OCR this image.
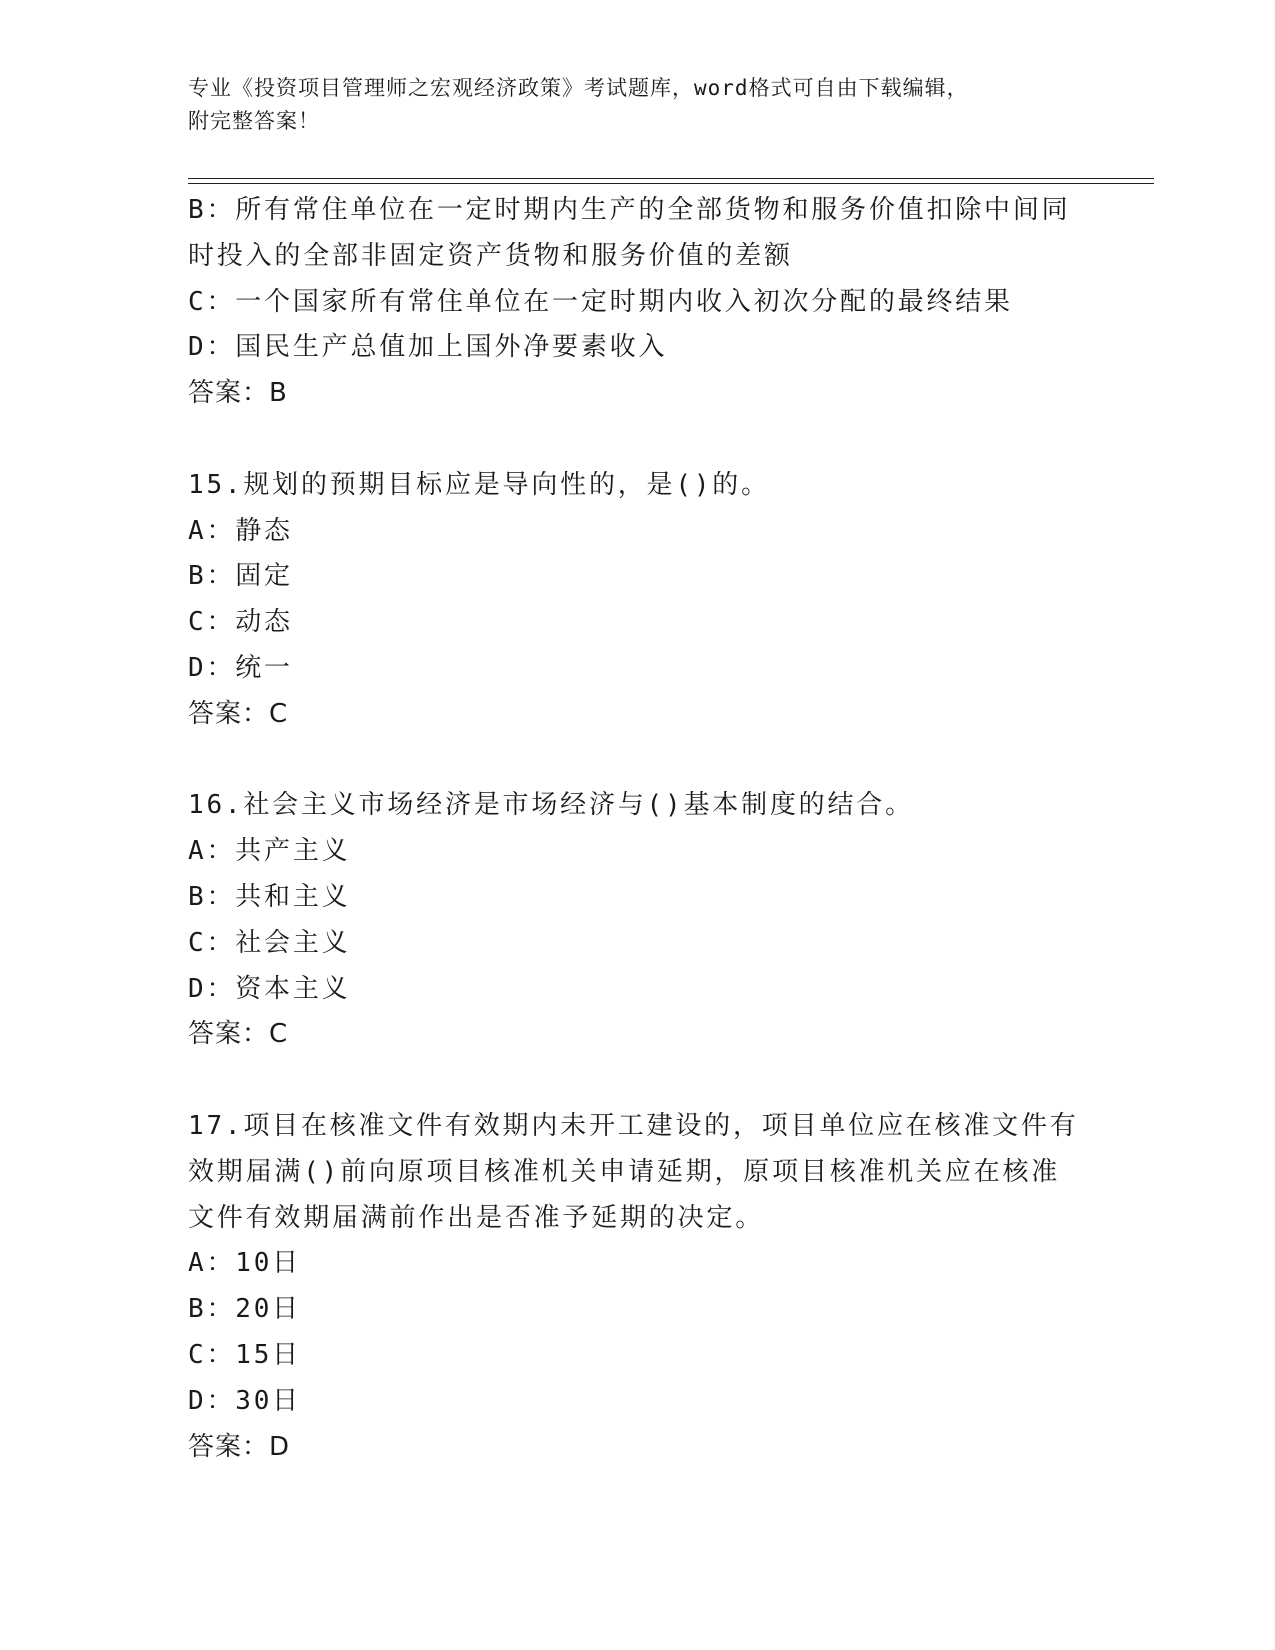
专业《投资项目管理师之宏观经济政策》考试题库，word格式可自由下载编辑，
附完整答案！
B：所有常住单位在一定时期内生产的全部货物和服务价值扣除中间同
时投入的全部非固定资产货物和服务价值的差额
C：一个国家所有常住单位在一定时期内收入初次分配的最终结果
D：国民生产总值加上国外净要素收入
答案：B
15.规划的预期目标应是导向性的，是()的。
A：静态
B：固定
C：动态
D：统一
答案：C
16.社会主义市场经济是市场经济与()基本制度的结合。
A：共产主义
B：共和主义
C：社会主义
D：资本主义
答案：C
17.项目在核准文件有效期内未开工建设的，项目单位应在核准文件有
效期届满()前向原项目核准机关申请延期，原项目核准机关应在核准
文件有效期届满前作出是否准予延期的决定。
A：10日
B：20日
C：15日
D：30日
答案：D
